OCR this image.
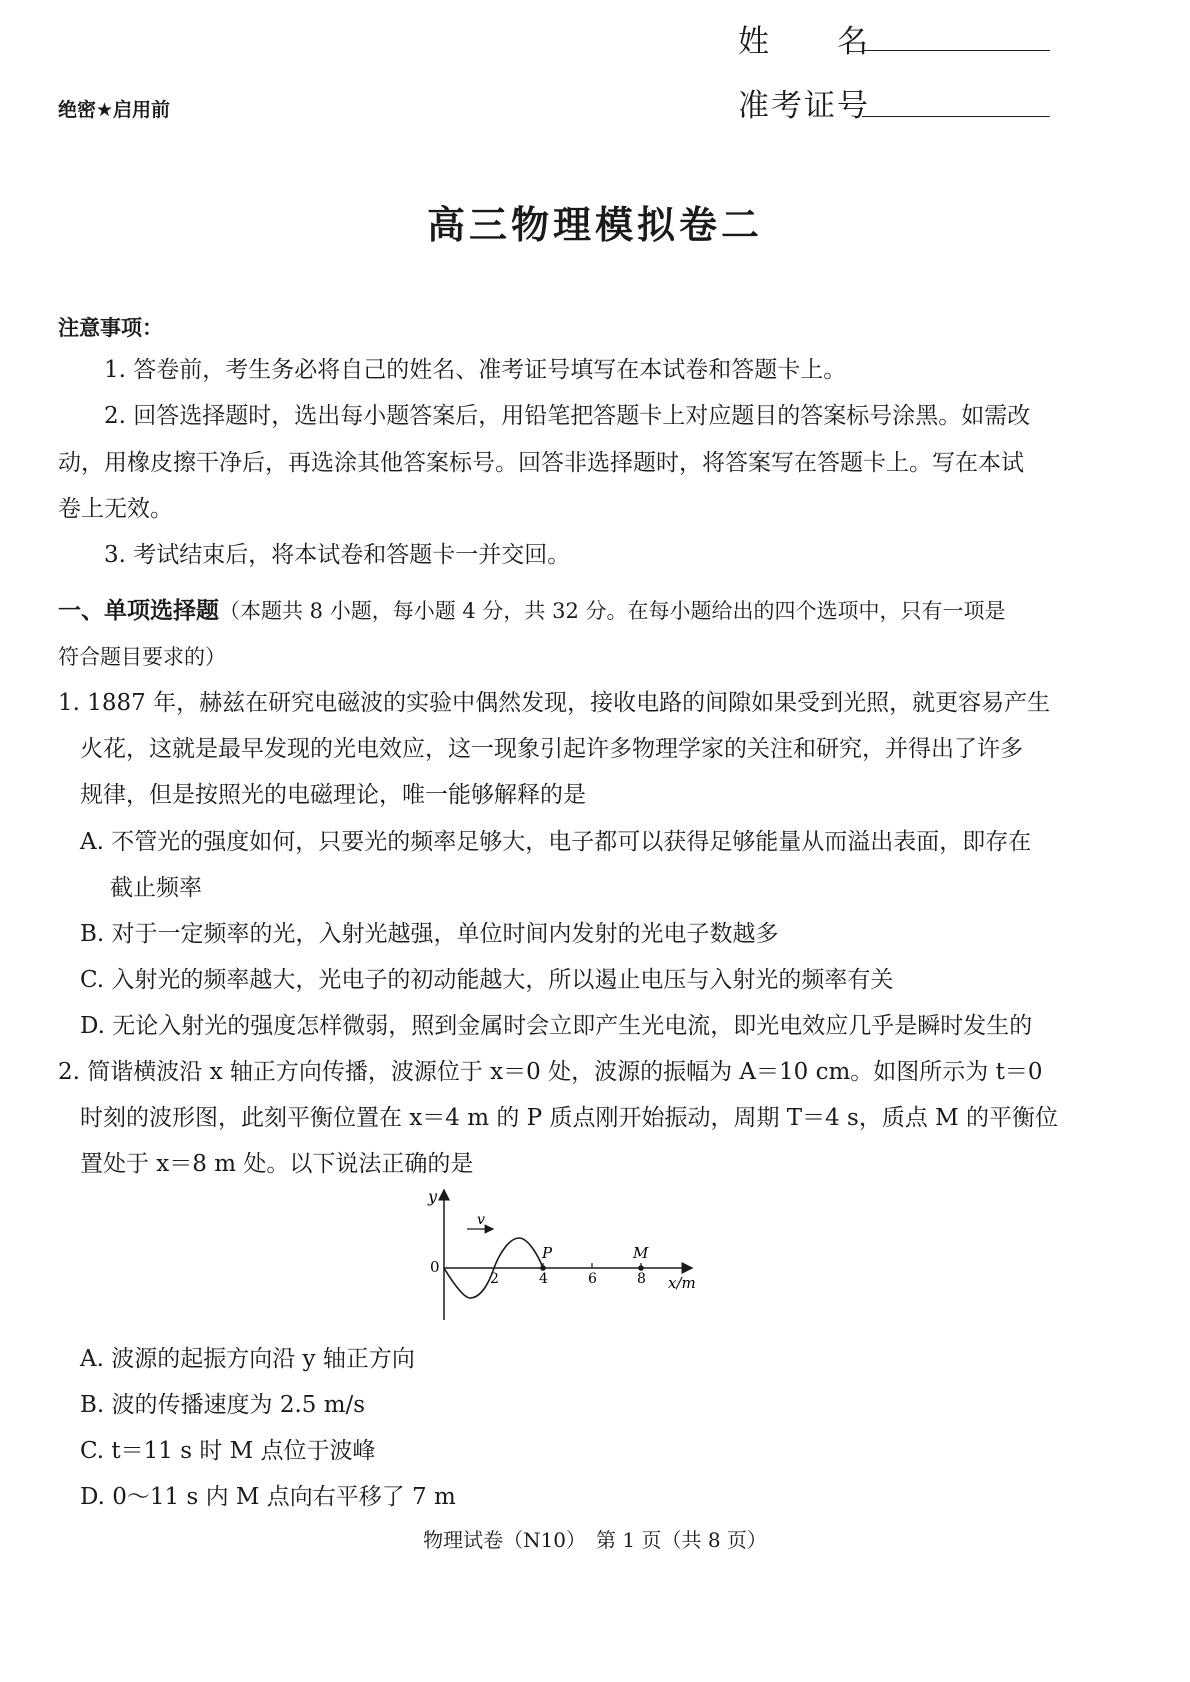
姓　　名
准考证号
绝密★启用前
高三物理模拟卷二
注意事项：
1. 答卷前，考生务必将自己的姓名、准考证号填写在本试卷和答题卡上。
2. 回答选择题时，选出每小题答案后，用铅笔把答题卡上对应题目的答案标号涂黑。如需改
动，用橡皮擦干净后，再选涂其他答案标号。回答非选择题时，将答案写在答题卡上。写在本试
卷上无效。
3. 考试结束后，将本试卷和答题卡一并交回。
一、单项选择题（本题共 8 小题，每小题 4 分，共 32 分。在每小题给出的四个选项中，只有一项是
符合题目要求的）
1. 1887 年，赫兹在研究电磁波的实验中偶然发现，接收电路的间隙如果受到光照，就更容易产生
火花，这就是最早发现的光电效应，这一现象引起许多物理学家的关注和研究，并得出了许多
规律，但是按照光的电磁理论，唯一能够解释的是
A. 不管光的强度如何，只要光的频率足够大，电子都可以获得足够能量从而溢出表面，即存在
截止频率
B. 对于一定频率的光，入射光越强，单位时间内发射的光电子数越多
C. 入射光的频率越大，光电子的初动能越大，所以遏止电压与入射光的频率有关
D. 无论入射光的强度怎样微弱，照到金属时会立即产生光电流，即光电效应几乎是瞬时发生的
2. 简谐横波沿 x 轴正方向传播，波源位于 x＝0 处，波源的振幅为 A＝10 cm。如图所示为 t＝0
时刻的波形图，此刻平衡位置在 x＝4 m 的 P 质点刚开始振动，周期 T＝4 s，质点 M 的平衡位
置处于 x＝8 m 处。以下说法正确的是
y
x/m
0
2	4	6	8
P	M
v
A. 波源的起振方向沿 y 轴正方向
B. 波的传播速度为 2.5 m/s
C. t＝11 s 时 M 点位于波峰
D. 0～11 s 内 M 点向右平移了 7 m
物理试卷（N10）　第 1 页（共 8 页）
